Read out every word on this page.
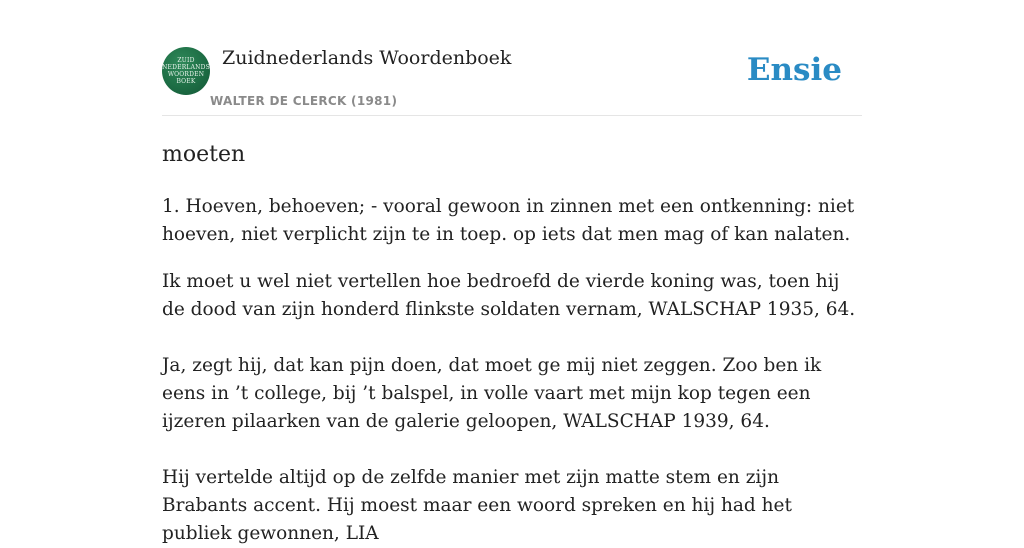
ZUID
NEDERLANDS
WOORDEN
BOEK
Zuidnederlands Woordenboek
WALTER DE CLERCK (1981)
Ensie
moeten

1. Hoeven, behoeven; - vooral gewoon in zinnen met een ontkenning: niet hoeven, niet verplicht zijn te in toep. op iets dat men mag of kan nalaten.

Ik moet u wel niet vertellen hoe bedroefd de vierde koning was, toen hij de dood van zijn honderd flinkste soldaten vernam, WALSCHAP 1935, 64.

Ja, zegt hij, dat kan pijn doen, dat moet ge mij niet zeggen. Zoo ben ik eens in ’t college, bij ’t balspel, in volle vaart met mijn kop tegen een ijzeren pilaarken van de galerie geloopen, WALSCHAP 1939, 64.

Hij vertelde altijd op de zelfde manier met zijn matte stem en zijn Brabants accent. Hij moest maar een woord spreken en hij had het publiek gewonnen, LIA
